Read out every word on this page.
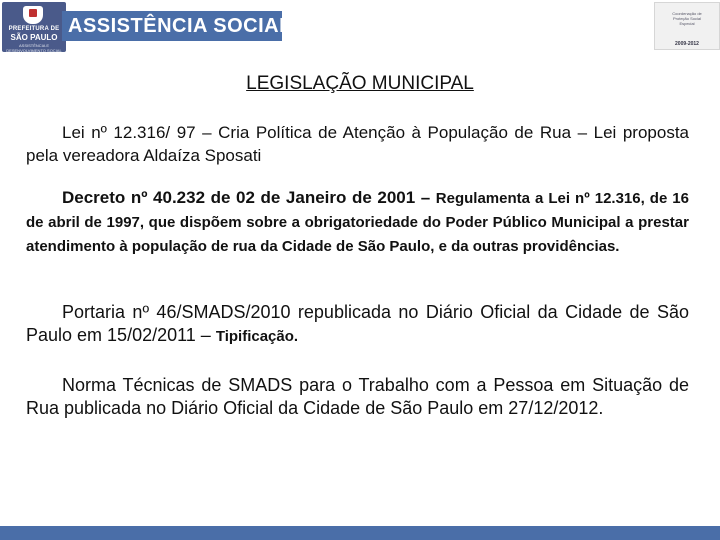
PREFEITURA DE
SÃO PAULO
ASSISTÊNCIA E DESENVOLVIMENTO SOCIAL
ASSISTÊNCIA SOCIAL
Coordenação de
Proteção Social
Especial
2009-2012
LEGISLAÇÃO MUNICIPAL

Lei nº 12.316/ 97 – Cria Política de Atenção à População de Rua – Lei proposta pela vereadora Aldaíza Sposati

Decreto nº 40.232 de 02 de Janeiro de 2001 – Regulamenta a Lei nº 12.316, de 16 de abril de 1997, que dispõem sobre a obrigatoriedade do Poder Público Municipal a prestar atendimento à população de rua da Cidade de São Paulo, e da outras providências.

Portaria nº 46/SMADS/2010 republicada no Diário Oficial da Cidade de São Paulo em 15/02/2011 – Tipificação.

Norma Técnicas de SMADS para o Trabalho com a Pessoa em Situação de Rua publicada no Diário Oficial da Cidade de São Paulo em 27/12/2012.
